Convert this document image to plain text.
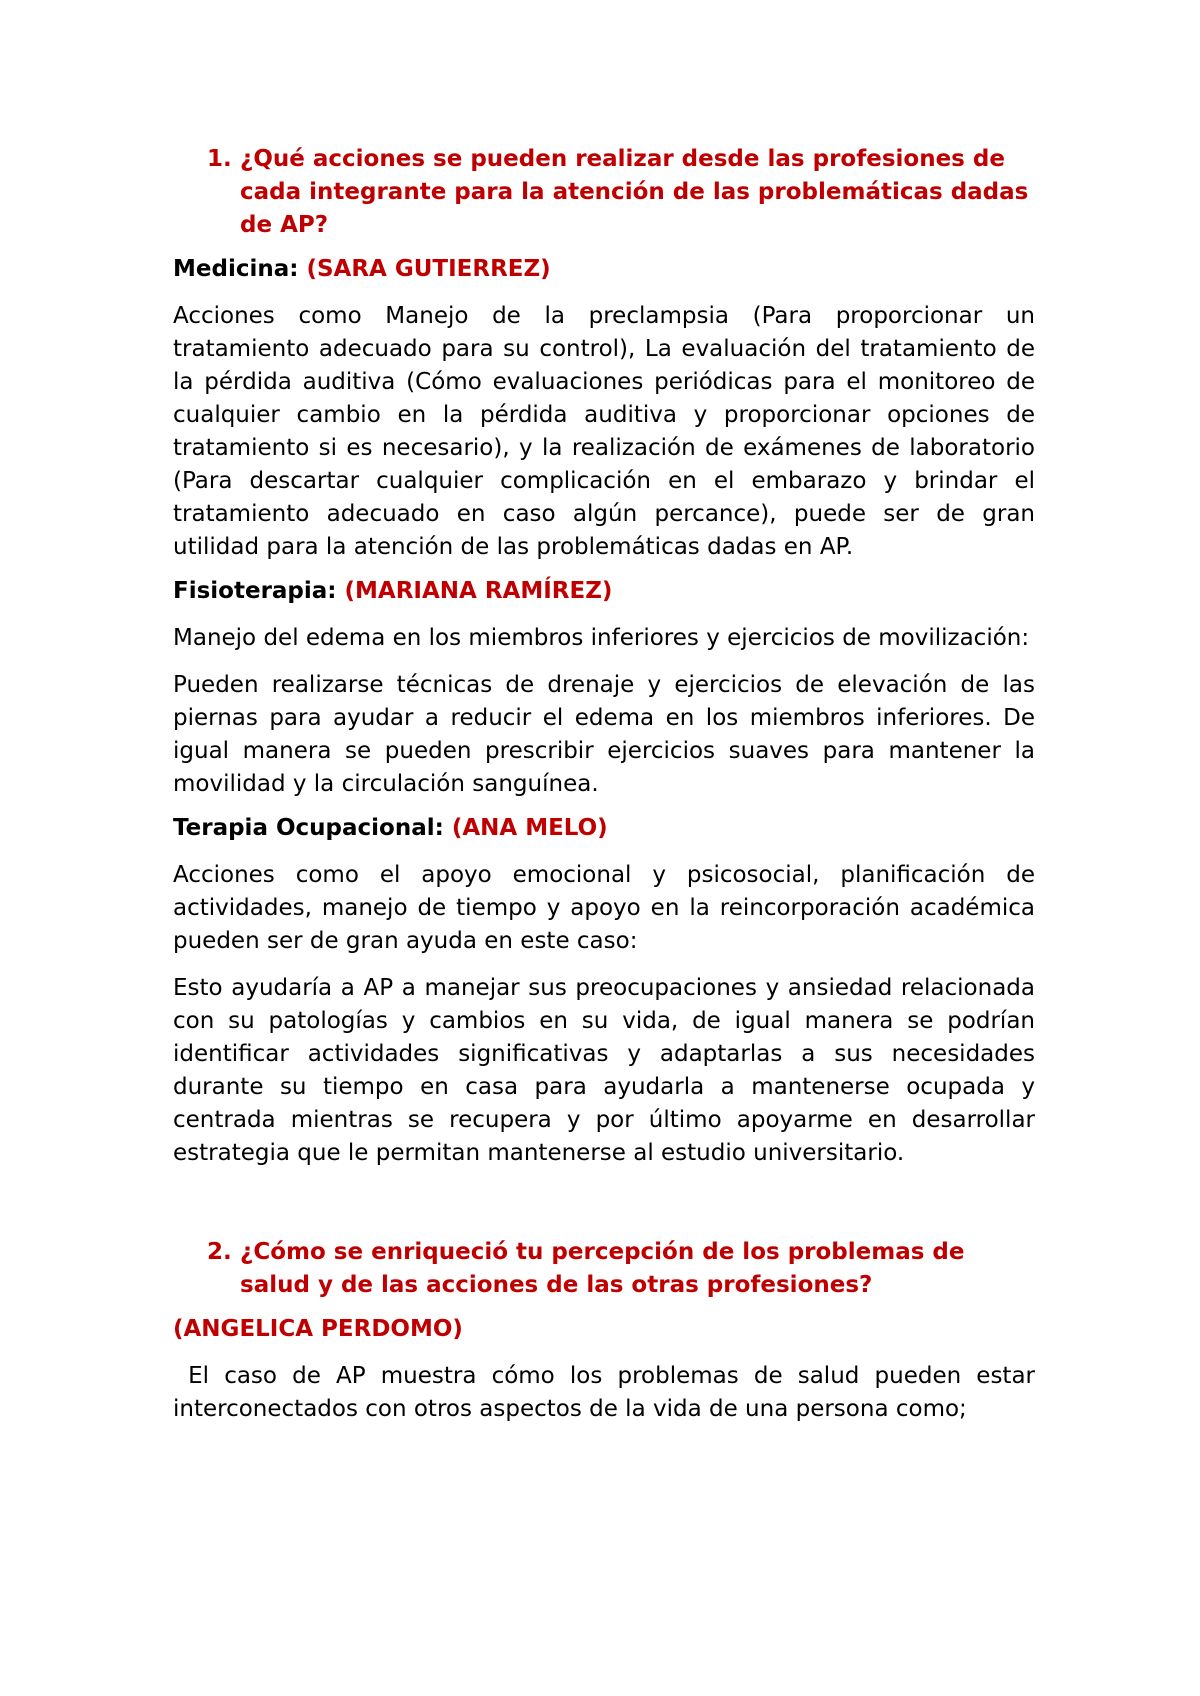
1. ¿Qué acciones se pueden realizar desde las profesiones de cada integrante para la atención de las problemáticas dadas de AP?

Medicina: (SARA GUTIERREZ)

Acciones como Manejo de la preclampsia (Para proporcionar un tratamiento adecuado para su control), La evaluación del tratamiento de la pérdida auditiva (Cómo evaluaciones periódicas para el monitoreo de cualquier cambio en la pérdida auditiva y proporcionar opciones de tratamiento si es necesario), y la realización de exámenes de laboratorio (Para descartar cualquier complicación en el embarazo y brindar el tratamiento adecuado en caso algún percance), puede ser de gran utilidad para la atención de las problemáticas dadas en AP.

Fisioterapia: (MARIANA RAMÍREZ)

Manejo del edema en los miembros inferiores y ejercicios de movilización:

Pueden realizarse técnicas de drenaje y ejercicios de elevación de las piernas para ayudar a reducir el edema en los miembros inferiores. De igual manera se pueden prescribir ejercicios suaves para mantener la movilidad y la circulación sanguínea.

Terapia Ocupacional: (ANA MELO)

Acciones como el apoyo emocional y psicosocial, planificación de actividades, manejo de tiempo y apoyo en la reincorporación académica pueden ser de gran ayuda en este caso:

Esto ayudaría a AP a manejar sus preocupaciones y ansiedad relacionada con su patologías y cambios en su vida, de igual manera se podrían identificar actividades significativas y adaptarlas a sus necesidades durante su tiempo en casa para ayudarla a mantenerse ocupada y centrada mientras se recupera y por último apoyarme en desarrollar estrategia que le permitan mantenerse al estudio universitario.

2. ¿Cómo se enriqueció tu percepción de los problemas de salud y de las acciones de las otras profesiones?

(ANGELICA PERDOMO)

El caso de AP muestra cómo los problemas de salud pueden estar interconectados con otros aspectos de la vida de una persona como;
